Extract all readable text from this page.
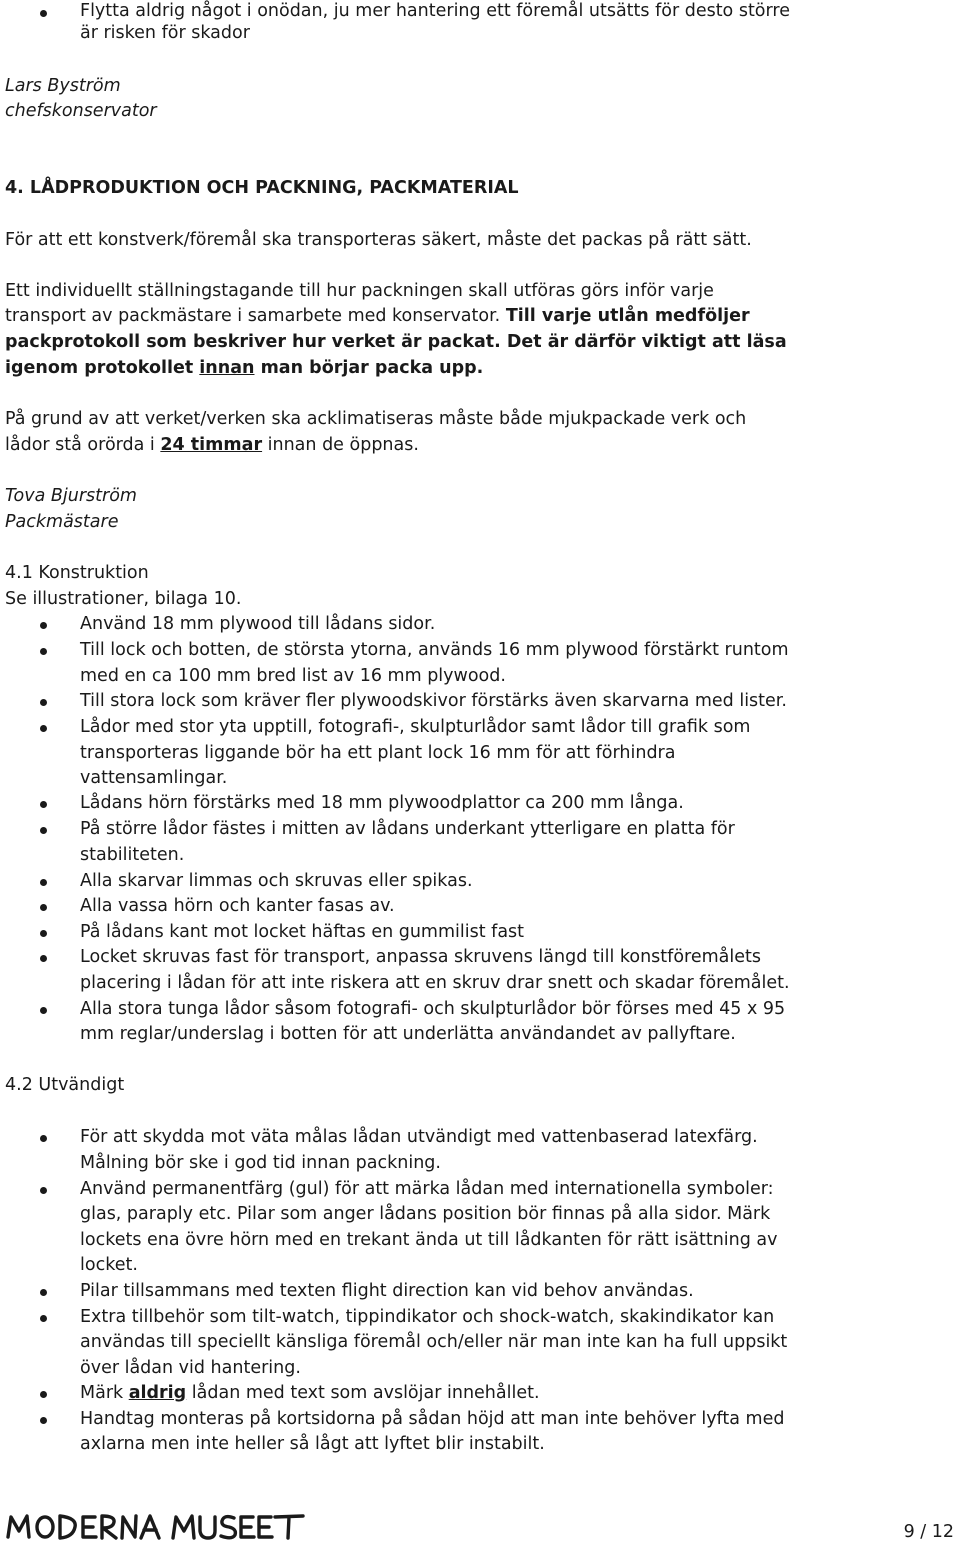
Flytta aldrig något i onödan, ju mer hantering ett föremål utsätts för desto större
är risken för skador
Lars Byström
chefskonservator
4. LÅDPRODUKTION OCH PACKNING, PACKMATERIAL
För att ett konstverk/föremål ska transporteras säkert, måste det packas på rätt sätt.
Ett individuellt ställningstagande till hur packningen skall utföras görs inför varje
transport av packmästare i samarbete med konservator. Till varje utlån medföljer
packprotokoll som beskriver hur verket är packat. Det är därför viktigt att läsa
igenom protokollet innan man börjar packa upp.
På grund av att verket/verken ska acklimatiseras måste både mjukpackade verk och
lådor stå orörda i 24 timmar innan de öppnas.
Tova Bjurström
Packmästare
4.1 Konstruktion
Se illustrationer, bilaga 10.
Använd 18 mm plywood till lådans sidor.
Till lock och botten, de största ytorna, används 16 mm plywood förstärkt runtom
med en ca 100 mm bred list av 16 mm plywood.
Till stora lock som kräver fler plywoodskivor förstärks även skarvarna med lister.
Lådor med stor yta upptill, fotografi-, skulpturlådor samt lådor till grafik som
transporteras liggande bör ha ett plant lock 16 mm för att förhindra
vattensamlingar.
Lådans hörn förstärks med 18 mm plywoodplattor ca 200 mm långa.
På större lådor fästes i mitten av lådans underkant ytterligare en platta för
stabiliteten.
Alla skarvar limmas och skruvas eller spikas.
Alla vassa hörn och kanter fasas av.
På lådans kant mot locket häftas en gummilist fast
Locket skruvas fast för transport, anpassa skruvens längd till konstföremålets
placering i lådan för att inte riskera att en skruv drar snett och skadar föremålet.
Alla stora tunga lådor såsom fotografi- och skulpturlådor bör förses med 45 x 95
mm reglar/underslag i botten för att underlätta användandet av pallyftare.
4.2 Utvändigt
För att skydda mot väta målas lådan utvändigt med vattenbaserad latexfärg.
Målning bör ske i god tid innan packning.
Använd permanentfärg (gul) för att märka lådan med internationella symboler:
glas, paraply etc. Pilar som anger lådans position bör finnas på alla sidor. Märk
lockets ena övre hörn med en trekant ända ut till lådkanten för rätt isättning av
locket.
Pilar tillsammans med texten flight direction kan vid behov användas.
Extra tillbehör som tilt-watch, tippindikator och shock-watch, skakindikator kan
användas till speciellt känsliga föremål och/eller när man inte kan ha full uppsikt
över lådan vid hantering.
Märk aldrig lådan med text som avslöjar innehållet.
Handtag monteras på kortsidorna på sådan höjd att man inte behöver lyfta med
axlarna men inte heller så lågt att lyftet blir instabilt.
9 / 12
